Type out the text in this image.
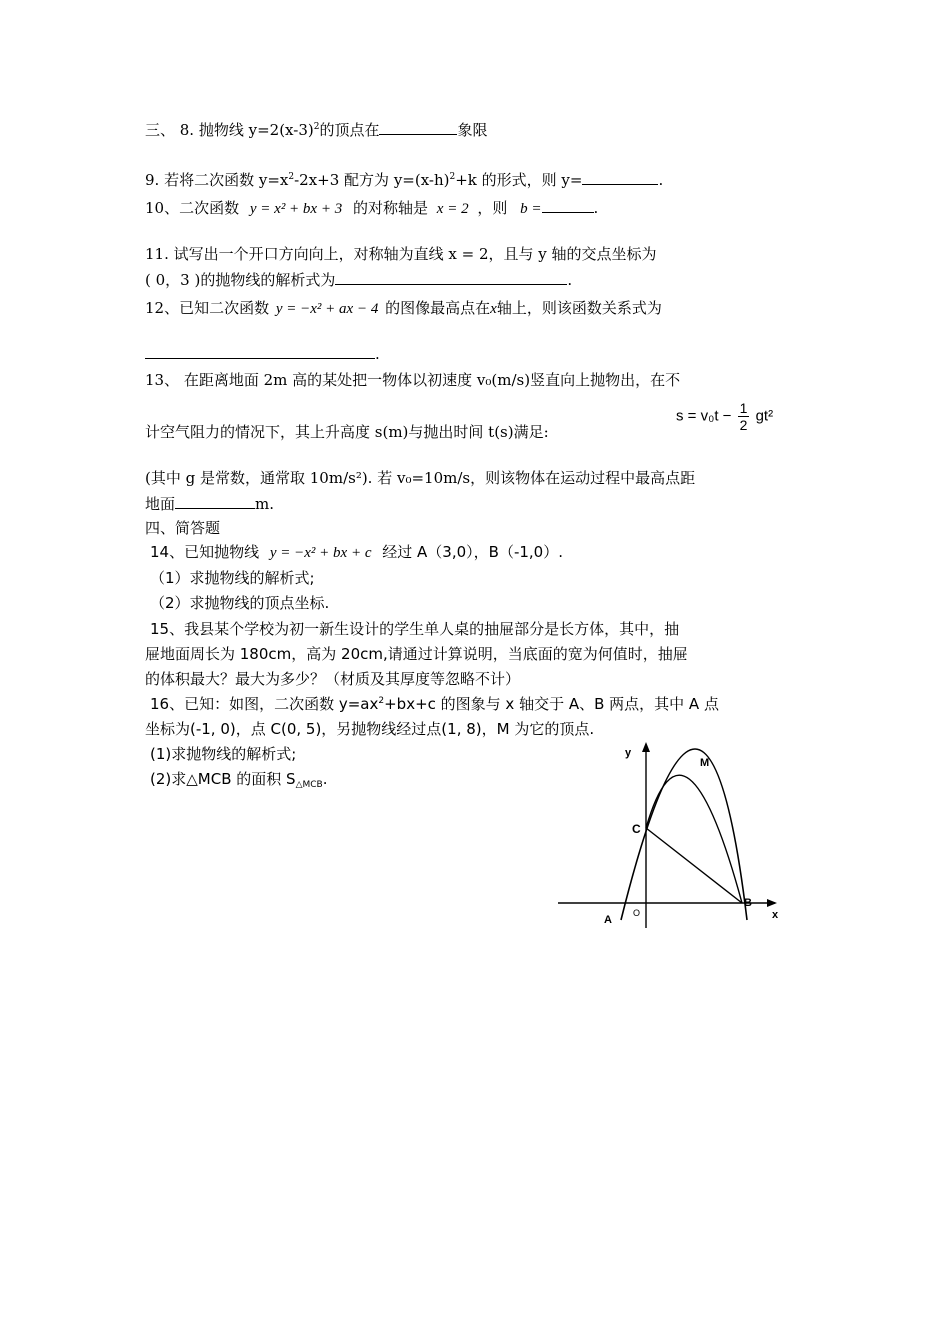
三、 8. 抛物线 $y=2(x-3)^2$的顶点在	象限
9. 若将二次函数 $y=x^2-2x+3$ 配方为 $y=(x-h)^2+k$ 的形式，则 y=	.
10、二次函数 y = x² + bx + 3 的对称轴是 x = 2 ，则 b =	.
11. 试写出一个开口方向向上，对称轴为直线 x = 2，且与 y 轴的交点坐标为
( 0，3 )的抛物线的解析式为	.
12、已知二次函数 y = −x² + ax − 4 的图像最高点在x轴上，则该函数关系式为
.
13、 在距离地面 2m 高的某处把一物体以初速度 v₀(m/s)竖直向上抛物出，在不
计空气阻力的情况下，其上升高度 s(m)与抛出时间 t(s)满足:
$s = v_0t - \frac{1}{2} gt^2$
(其中 g 是常数，通常取 10m/s²). 若 v₀=10m/s，则该物体在运动过程中最高点距
地面	m.
四、简答题
14、已知抛物线 y = −x² + bx + c 经过 A（3,0），B（-1,0）.
（1）求抛物线的解析式;
（2）求抛物线的顶点坐标.
15、我县某个学校为初一新生设计的学生单人桌的抽屉部分是长方体，其中，抽
屉地面周长为 180cm，高为 20cm,请通过计算说明，当底面的宽为何值时，抽屉
的体积最大？最大为多少？（材质及其厚度等忽略不计）
16、已知：如图，二次函数 $y=ax^2+bx+c$ 的图象与 x 轴交于 A、B 两点，其中 A 点
坐标为(-1, 0)，点 C(0, 5)，另抛物线经过点(1, 8)，M 为它的顶点.
(1)求抛物线的解析式;
(2)求△MCB 的面积 $S_{\triangle MCB}$.
y
x
M
C
A
O
B
